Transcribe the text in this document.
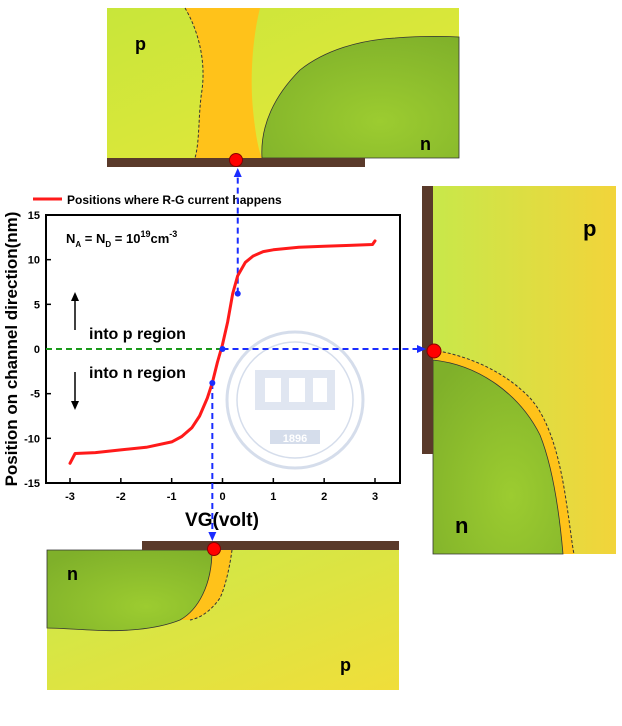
p
n
p
n
n
p
Positions where R-G current happens
1896
-3	-2	-1	0	1	2	3
-15
-10
-5
0
5
10
15
$N_A = N_D = 10^{19}cm^{-3}$
into p region
into n region
VG(volt)
Position on channel direction(nm)
